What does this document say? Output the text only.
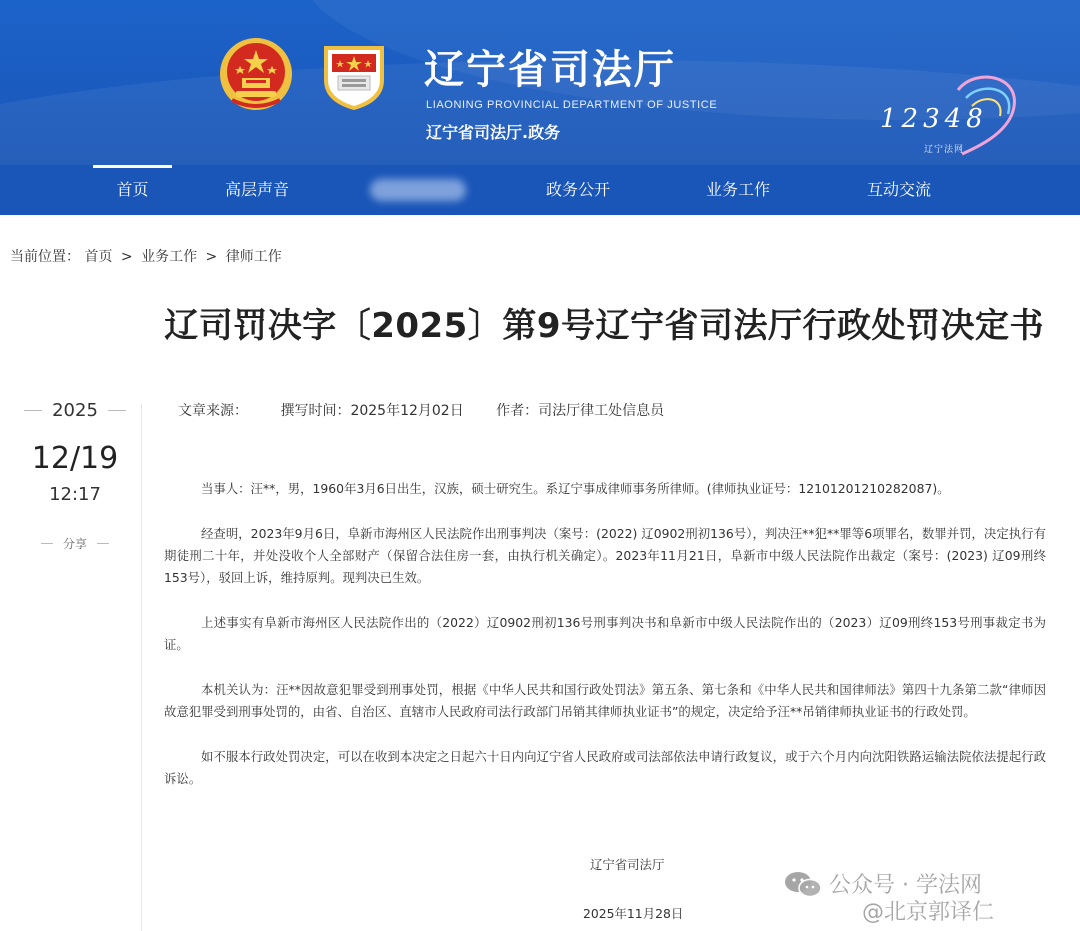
辽宁省司法厅
LIAONING PROVINCIAL DEPARTMENT OF JUSTICE
辽宁省司法厅.政务	12348
辽宁法网
首页	高层声音	政务公开	业务工作	互动交流
当前位置： 首页 > 业务工作 > 律师工作
辽司罚决字〔2025〕第9号辽宁省司法厅行政处罚决定书
2025
12/19
12:17
分享
文章来源： 撰写时间：2025年12月02日 作者：司法厅律工处信息员

当事人：汪**，男，1960年3月6日出生，汉族，硕士研究生。系辽宁事成律师事务所律师。(律师执业证号：12101201210282087)。

经查明，2023年9月6日，阜新市海州区人民法院作出刑事判决（案号：(2022) 辽0902刑初136号），判决汪**犯**罪等6项罪名，数罪并罚，决定执行有期徒刑二十年，并处没收个人全部财产（保留合法住房一套，由执行机关确定）。2023年11月21日，阜新市中级人民法院作出裁定（案号：(2023) 辽09刑终153号），驳回上诉，维持原判。现判决已生效。

上述事实有阜新市海州区人民法院作出的（2022）辽0902刑初136号刑事判决书和阜新市中级人民法院作出的（2023）辽09刑终153号刑事裁定书为证。

本机关认为：汪**因故意犯罪受到刑事处罚，根据《中华人民共和国行政处罚法》第五条、第七条和《中华人民共和国律师法》第四十九条第二款“律师因故意犯罪受到刑事处罚的，由省、自治区、直辖市人民政府司法行政部门吊销其律师执业证书”的规定，决定给予汪**吊销律师执业证书的行政处罚。

如不服本行政处罚决定，可以在收到本决定之日起六十日内向辽宁省人民政府或司法部依法申请行政复议，或于六个月内向沈阳铁路运输法院依法提起行政诉讼。

辽宁省司法厅
2025年11月28日
公众号 · 学法网
@北京郭译仁
